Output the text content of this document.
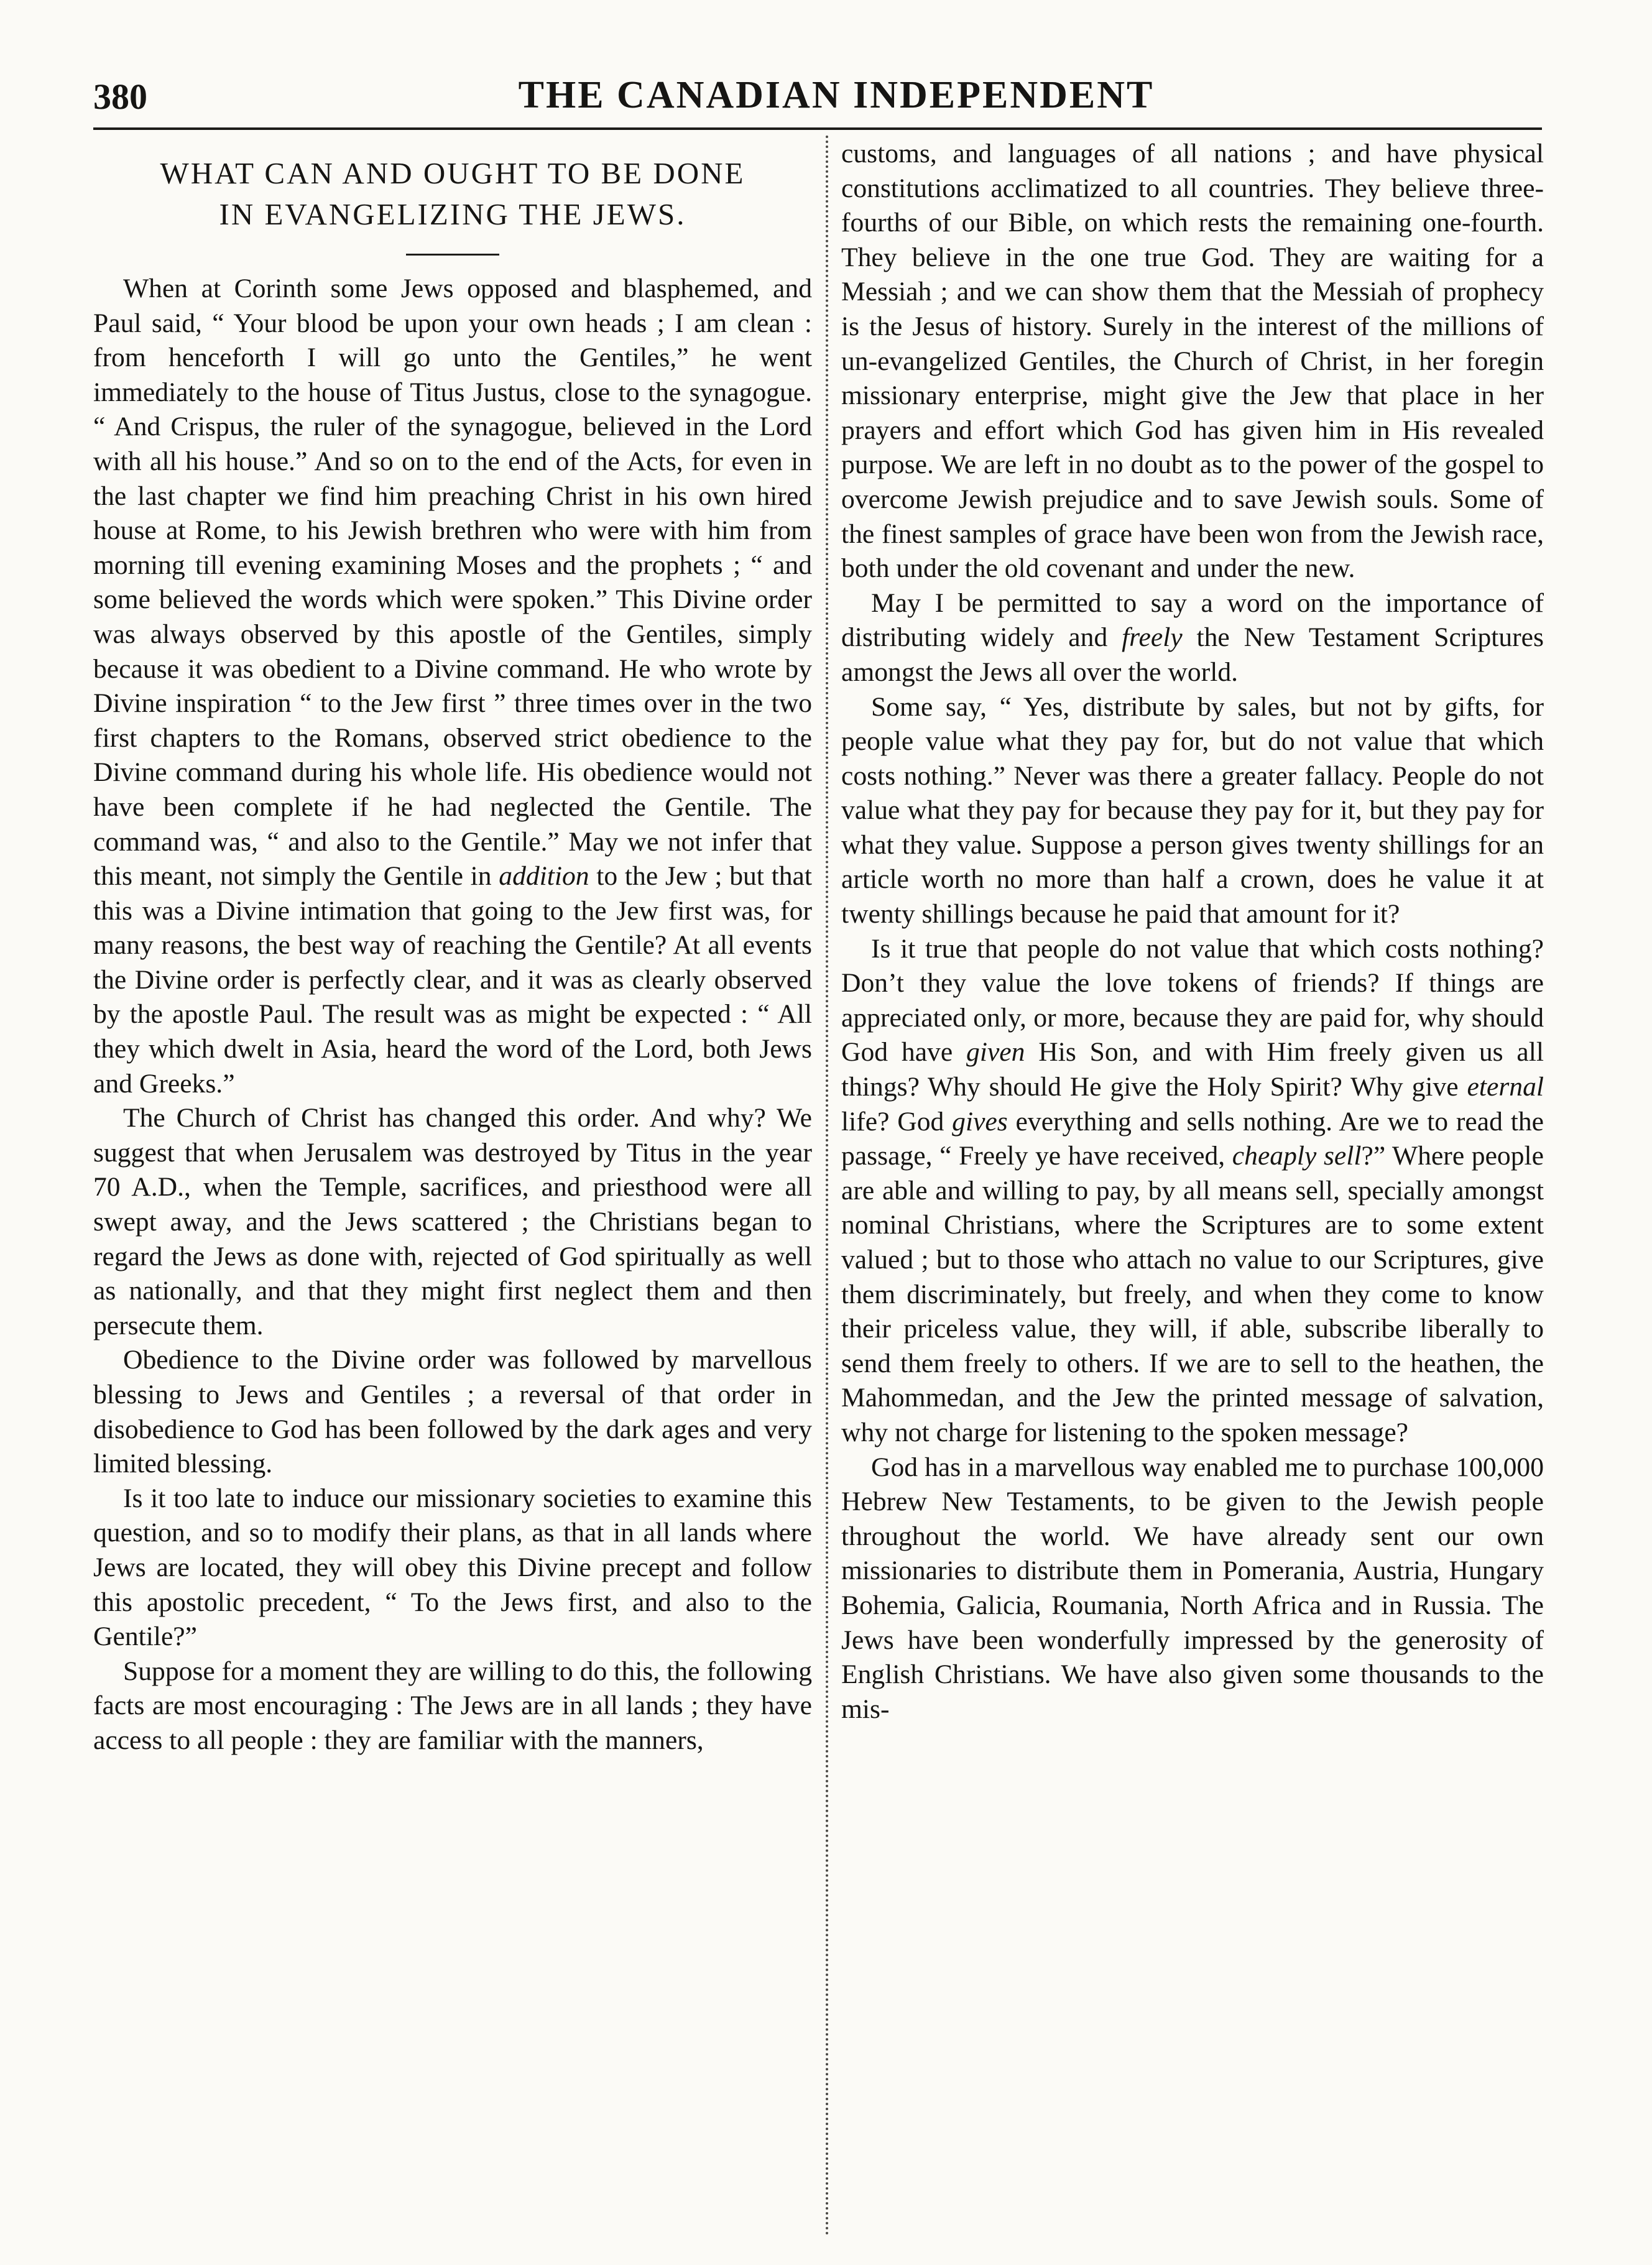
380	THE CANADIAN INDEPENDENT
WHAT CAN AND OUGHT TO BE DONE
IN EVANGELIZING THE JEWS.

When at Corinth some Jews opposed and blasphemed, and Paul said, “ Your blood be upon your own heads ; I am clean : from henceforth I will go unto the Gentiles,” he went immediately to the house of Titus Justus, close to the synagogue. “ And Crispus, the ruler of the synagogue, believed in the Lord with all his house.” And so on to the end of the Acts, for even in the last chapter we find him preaching Christ in his own hired house at Rome, to his Jewish brethren who were with him from morning till evening examining Moses and the prophets ; “ and some believed the words which were spoken.” This Divine order was always observed by this apostle of the Gentiles, simply because it was obedient to a Divine command. He who wrote by Divine inspiration “ to the Jew first ” three times over in the two first chapters to the Romans, observed strict obedience to the Divine command during his whole life. His obedience would not have been complete if he had neglected the Gentile. The command was, “ and also to the Gentile.” May we not infer that this meant, not simply the Gentile in addition to the Jew ; but that this was a Divine intimation that going to the Jew first was, for many reasons, the best way of reaching the Gentile? At all events the Divine order is perfectly clear, and it was as clearly observed by the apostle Paul. The result was as might be expected : “ All they which dwelt in Asia, heard the word of the Lord, both Jews and Greeks.”

The Church of Christ has changed this order. And why? We suggest that when Jerusalem was destroyed by Titus in the year 70 A.D., when the Temple, sacrifices, and priesthood were all swept away, and the Jews scattered ; the Christians began to regard the Jews as done with, rejected of God spiritually as well as nationally, and that they might first neglect them and then persecute them.

Obedience to the Divine order was followed by marvellous blessing to Jews and Gentiles ; a reversal of that order in disobedience to God has been followed by the dark ages and very limited blessing.

Is it too late to induce our missionary societies to examine this question, and so to modify their plans, as that in all lands where Jews are located, they will obey this Divine precept and follow this apostolic precedent, “ To the Jews first, and also to the Gentile?”

Suppose for a moment they are willing to do this, the following facts are most encouraging : The Jews are in all lands ; they have access to all people : they are familiar with the manners,

customs, and languages of all nations ; and have physical constitutions acclimatized to all countries. They believe three-fourths of our Bible, on which rests the remaining one-fourth. They believe in the one true God. They are waiting for a Messiah ; and we can show them that the Messiah of prophecy is the Jesus of history. Surely in the interest of the millions of un-evangelized Gentiles, the Church of Christ, in her foregin missionary enterprise, might give the Jew that place in her prayers and effort which God has given him in His revealed purpose. We are left in no doubt as to the power of the gospel to overcome Jewish prejudice and to save Jewish souls. Some of the finest samples of grace have been won from the Jewish race, both under the old covenant and under the new.

May I be permitted to say a word on the importance of distributing widely and freely the New Testament Scriptures amongst the Jews all over the world.

Some say, “ Yes, distribute by sales, but not by gifts, for people value what they pay for, but do not value that which costs nothing.” Never was there a greater fallacy. People do not value what they pay for because they pay for it, but they pay for what they value. Suppose a person gives twenty shillings for an article worth no more than half a crown, does he value it at twenty shillings because he paid that amount for it?

Is it true that people do not value that which costs nothing? Don’t they value the love tokens of friends? If things are appreciated only, or more, because they are paid for, why should God have given His Son, and with Him freely given us all things? Why should He give the Holy Spirit? Why give eternal life? God gives everything and sells nothing. Are we to read the passage, “ Freely ye have received, cheaply sell?” Where people are able and willing to pay, by all means sell, specially amongst nominal Christians, where the Scriptures are to some extent valued ; but to those who attach no value to our Scriptures, give them discriminately, but freely, and when they come to know their priceless value, they will, if able, subscribe liberally to send them freely to others. If we are to sell to the heathen, the Mahommedan, and the Jew the printed message of salvation, why not charge for listening to the spoken message?

God has in a marvellous way enabled me to purchase 100,000 Hebrew New Testaments, to be given to the Jewish people throughout the world. We have already sent our own missionaries to distribute them in Pomerania, Austria, Hungary Bohemia, Galicia, Roumania, North Africa and in Russia. The Jews have been wonderfully impressed by the generosity of English Christians. We have also given some thousands to the mis-
